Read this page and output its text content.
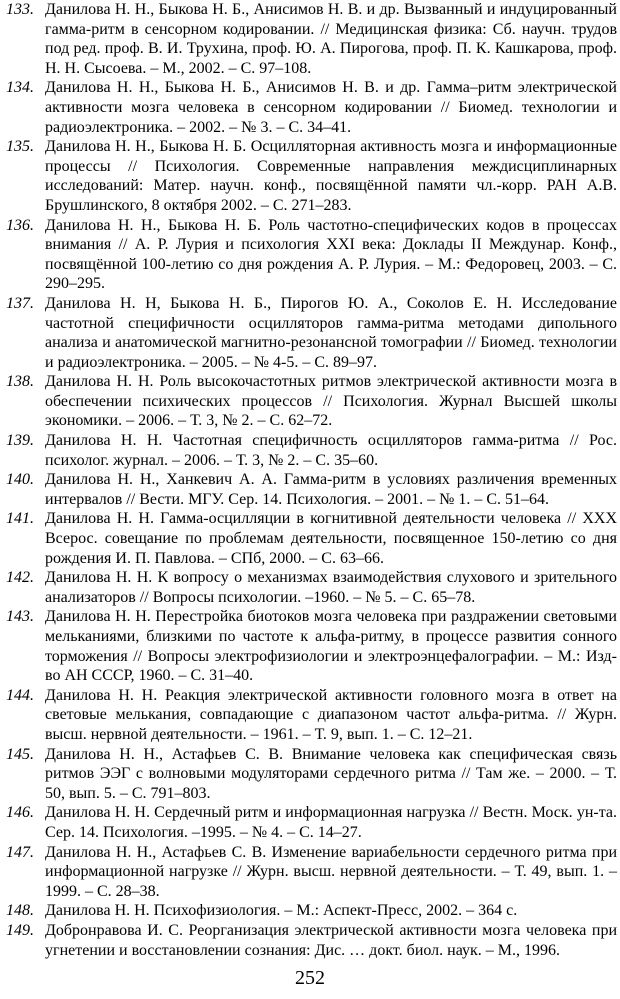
133. Данилова Н. Н., Быкова Н. Б., Анисимов Н. В. и др. Вызванный и индуцированный гамма-ритм в сенсорном кодировании. // Медицинская физика: Сб. научн. трудов под ред. проф. В. И. Трухина, проф. Ю. А. Пирогова, проф. П. К. Кашкарова, проф. Н. Н. Сысоева. – М., 2002. – С. 97–108.
134. Данилова Н. Н., Быкова Н. Б., Анисимов Н. В. и др. Гамма–ритм электрической активности мозга человека в сенсорном кодировании // Биомед. технологии и радиоэлектроника. – 2002. – № 3. – С. 34–41.
135. Данилова Н. Н., Быкова Н. Б. Осцилляторная активность мозга и информационные процессы // Психология. Современные направления междисциплинарных исследований: Матер. научн. конф., посвящённой памяти чл.-корр. РАН А.В. Брушлинского, 8 октября 2002. – С. 271–283.
136. Данилова Н. Н., Быкова Н. Б. Роль частотно-специфических кодов в процессах внимания // А. Р. Лурия и психология XXI века: Доклады II Междунар. Конф., посвящённой 100-летию со дня рождения А. Р. Лурия. – М.: Федоровец, 2003. – С. 290–295.
137. Данилова Н. Н, Быкова Н. Б., Пирогов Ю. А., Соколов Е. Н. Исследование частотной специфичности осцилляторов гамма-ритма методами дипольного анализа и анатомической магнитно-резонансной томографии // Биомед. технологии и радиоэлектроника. – 2005. – № 4-5. – С. 89–97.
138. Данилова Н. Н. Роль высокочастотных ритмов электрической активности мозга в обеспечении психических процессов // Психология. Журнал Высшей школы экономики. – 2006. – Т. 3, № 2. – С. 62–72.
139. Данилова Н. Н. Частотная специфичность осцилляторов гамма-ритма // Рос. психолог. журнал. – 2006. – Т. 3, № 2. – С. 35–60.
140. Данилова Н. Н., Ханкевич А. А. Гамма-ритм в условиях различения временных интервалов // Вести. МГУ. Сер. 14. Психология. – 2001. – № 1. – С. 51–64.
141. Данилова Н. Н. Гамма-осцилляции в когнитивной деятельности человека // XXX Всерос. совещание по проблемам деятельности, посвященное 150-летию со дня рождения И. П. Павлова. – СПб, 2000. – С. 63–66.
142. Данилова Н. Н. К вопросу о механизмах взаимодействия слухового и зрительного анализаторов // Вопросы психологии. –1960. – № 5. – С. 65–78.
143. Данилова Н. Н. Перестройка биотоков мозга человека при раздражении световыми мельканиями, близкими по частоте к альфа-ритму, в процессе развития сонного торможения // Вопросы электрофизиологии и электроэнцефалографии. – М.: Изд-во АН СССР, 1960. – С. 31–40.
144. Данилова Н. Н. Реакция электрической активности головного мозга в ответ на световые мелькания, совпадающие с диапазоном частот альфа-ритма. // Журн. высш. нервной деятельности. – 1961. – Т. 9, вып. 1. – С. 12–21.
145. Данилова Н. Н., Астафьев С. В. Внимание человека как специфическая связь ритмов ЭЭГ с волновыми модуляторами сердечного ритма // Там же. – 2000. – Т. 50, вып. 5. – С. 791–803.
146. Данилова Н. Н. Сердечный ритм и информационная нагрузка // Вестн. Моск. ун-та. Сер. 14. Психология. –1995. – № 4. – С. 14–27.
147. Данилова Н. Н., Астафьев С. В. Изменение вариабельности сердечного ритма при информационной нагрузке // Журн. высш. нервной деятельности. – Т. 49, вып. 1. – 1999. – С. 28–38.
148. Данилова Н. Н. Психофизиология. – М.: Аспект-Пресс, 2002. – 364 с.
149. Добронравова И. С. Реорганизация электрической активности мозга человека при угнетении и восстановлении сознания: Дис. … докт. биол. наук. – М., 1996.
252
